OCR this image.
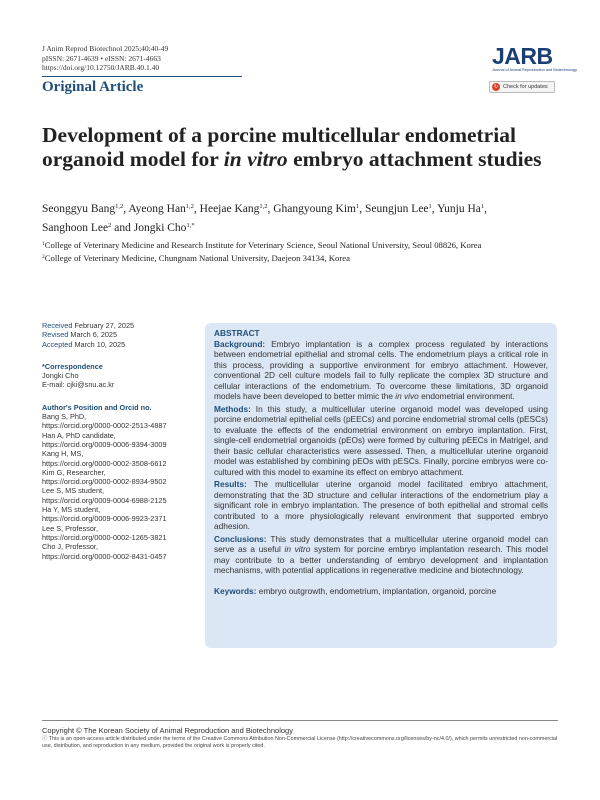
J Anim Reprod Biotechnol 2025;40:40-49
pISSN: 2671-4639 • eISSN: 2671-4663
https://doi.org/10.12750/JARB.40.1.40
Original Article
JARB
Journal of Animal Reproduction and Biotechnology
↻ Check for updates
Development of a porcine multicellular endometrial organoid model for in vitro embryo attachment studies
Seonggyu Bang$^{1,2}$, Ayeong Han$^{1,2}$, Heejae Kang$^{1,2}$, Ghangyoung Kim$^1$, Seungjun Lee$^1$, Yunju Ha$^1$,
Sanghoon Lee$^2$ and Jongki Cho$^{1,*}$
$^1$College of Veterinary Medicine and Research Institute for Veterinary Science, Seoul National University, Seoul 08826, Korea
$^2$College of Veterinary Medicine, Chungnam National University, Daejeon 34134, Korea
Received February 27, 2025
Revised March 6, 2025
Accepted March 10, 2025
*Correspondence
Jongki Cho
E-mail: cjki@snu.ac.kr
Author's Position and Orcid no.
Bang S, PhD,
https://orcid.org/0000-0002-2513-4887
Han A, PhD candidate,
https://orcid.org/0009-0006-9394-3009
Kang H, MS,
https://orcid.org/0000-0002-3508-6612
Kim G, Researcher,
https://orcid.org/0000-0002-8934-9502
Lee S, MS student,
https://orcid.org/0009-0004-6988-2125
Ha Y, MS student,
https://orcid.org/0009-0006-9923-2371
Lee S, Professor,
https://orcid.org/0000-0002-1265-3821
Cho J, Professor,
https://orcid.org/0000-0002-8431-0457
ABSTRACT

Background: Embryo implantation is a complex process regulated by interactions between endometrial epithelial and stromal cells. The endometrium plays a critical role in this process, providing a supportive environment for embryo attachment. However, conventional 2D cell culture models fail to fully replicate the complex 3D structure and cellular interactions of the endometrium. To overcome these limitations, 3D organoid models have been developed to better mimic the in vivo endometrial environment.

Methods: In this study, a multicellular uterine organoid model was developed using porcine endometrial epithelial cells (pEECs) and porcine endometrial stromal cells (pESCs) to evaluate the effects of the endometrial environment on embryo implantation. First, single-cell endometrial organoids (pEOs) were formed by culturing pEECs in Matrigel, and their basic cellular characteristics were assessed. Then, a multicellular uterine organoid model was established by combining pEOs with pESCs. Finally, porcine embryos were co-cultured with this model to examine its effect on embryo attachment.

Results: The multicellular uterine organoid model facilitated embryo attachment, demonstrating that the 3D structure and cellular interactions of the endometrium play a significant role in embryo implantation. The presence of both epithelial and stromal cells contributed to a more physiologically relevant environment that supported embryo adhesion.

Conclusions: This study demonstrates that a multicellular uterine organoid model can serve as a useful in vitro system for porcine embryo implantation research. This model may contribute to a better understanding of embryo development and implantation mechanisms, with potential applications in regenerative medicine and biotechnology.

Keywords: embryo outgrowth, endometrium, implantation, organoid, porcine

Copyright © The Korean Society of Animal Reproduction and Biotechnology
ⓒ This is an open-access article distributed under the terms of the Creative Commons Attribution Non-Commercial License (http://creativecommons.org/licenses/by-nc/4.0/), which permits unrestricted non-commercial use, distribution, and reproduction in any medium, provided the original work is properly cited.
